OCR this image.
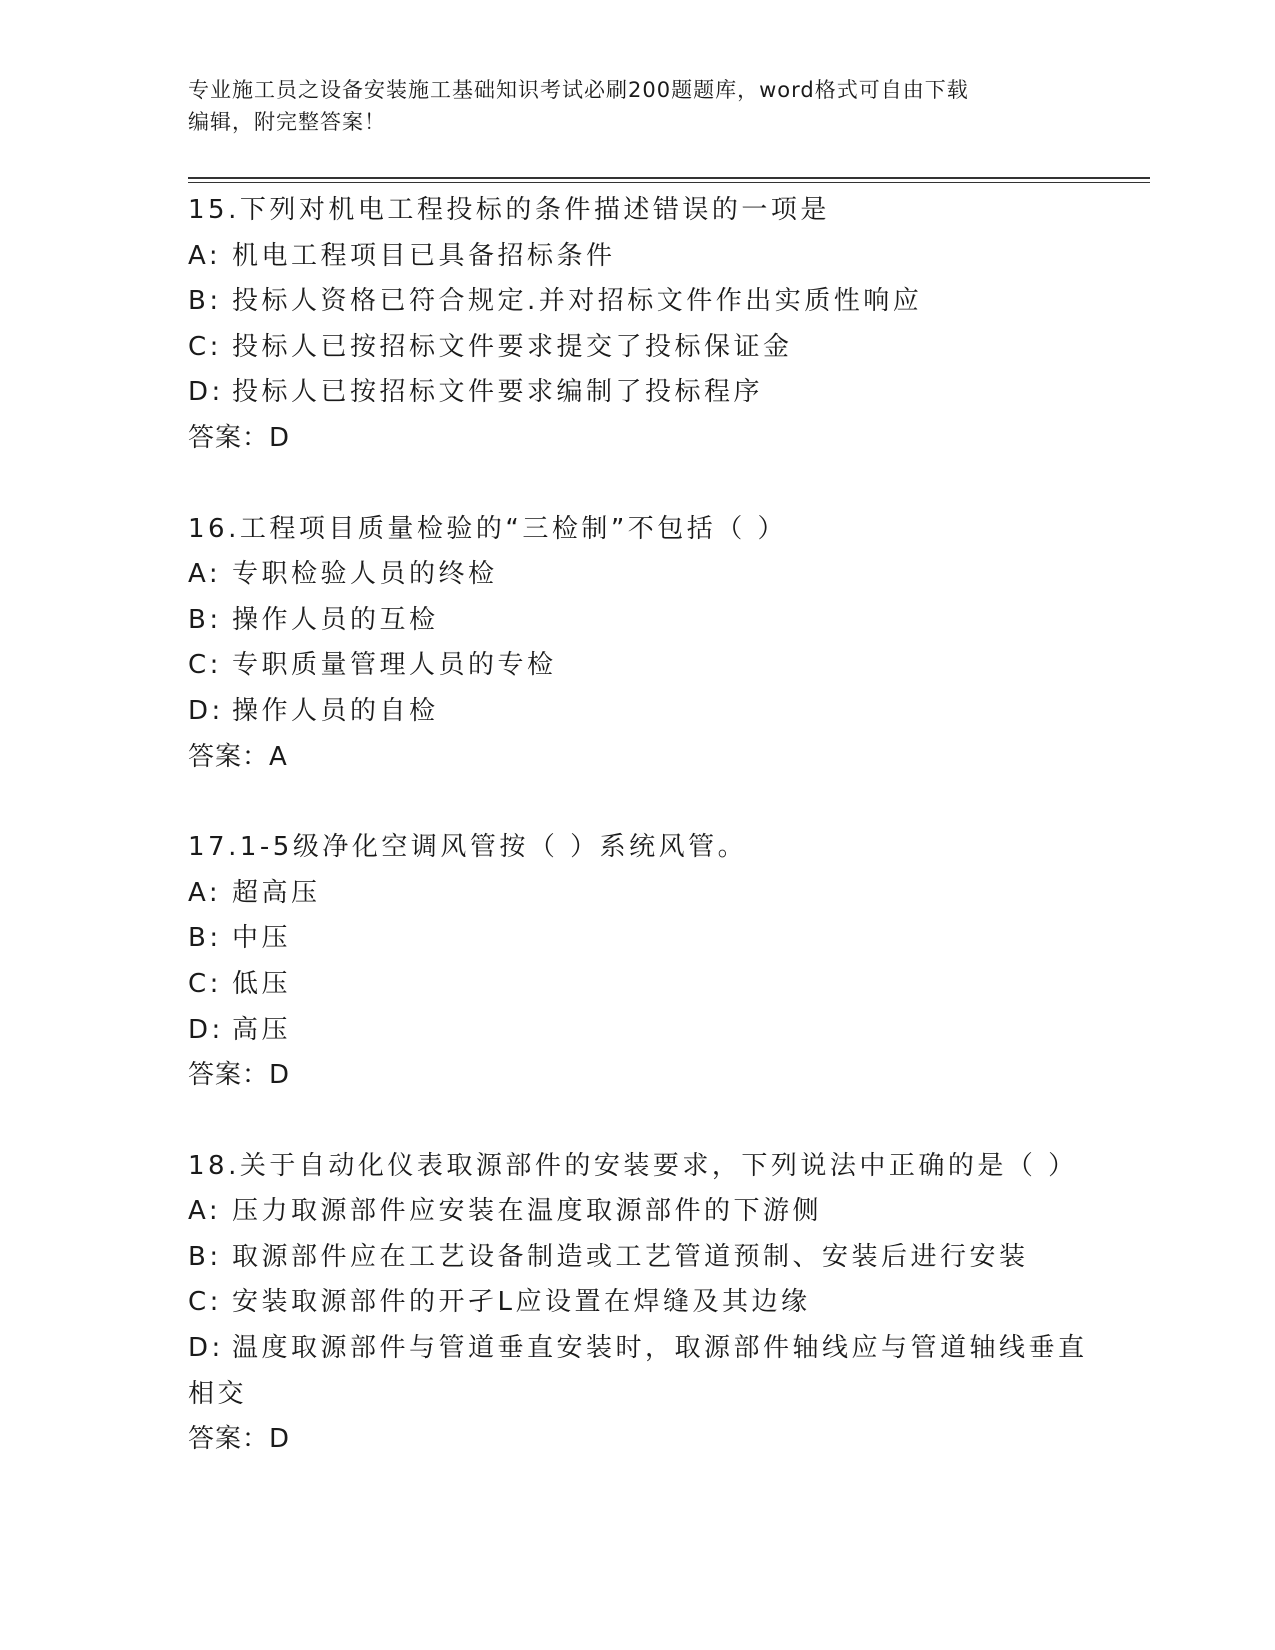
专业施工员之设备安装施工基础知识考试必刷200题题库，word格式可自由下载
编辑，附完整答案！
15.下列对机电工程投标的条件描述错误的一项是
A: 机电工程项目已具备招标条件
B: 投标人资格已符合规定.并对招标文件作出实质性响应
C: 投标人已按招标文件要求提交了投标保证金
D: 投标人已按招标文件要求编制了投标程序
答案：D
16.工程项目质量检验的“三检制”不包括（ ）
A: 专职检验人员的终检
B: 操作人员的互检
C: 专职质量管理人员的专检
D: 操作人员的自检
答案：A
17.1-5级净化空调风管按（ ）系统风管。
A: 超高压
B: 中压
C: 低压
D: 高压
答案：D
18.关于自动化仪表取源部件的安装要求，下列说法中正确的是（ ）
A: 压力取源部件应安装在温度取源部件的下游侧
B: 取源部件应在工艺设备制造或工艺管道预制、安装后进行安装
C: 安装取源部件的开孑L应设置在焊缝及其边缘
D: 温度取源部件与管道垂直安装时，取源部件轴线应与管道轴线垂直相交
答案：D
